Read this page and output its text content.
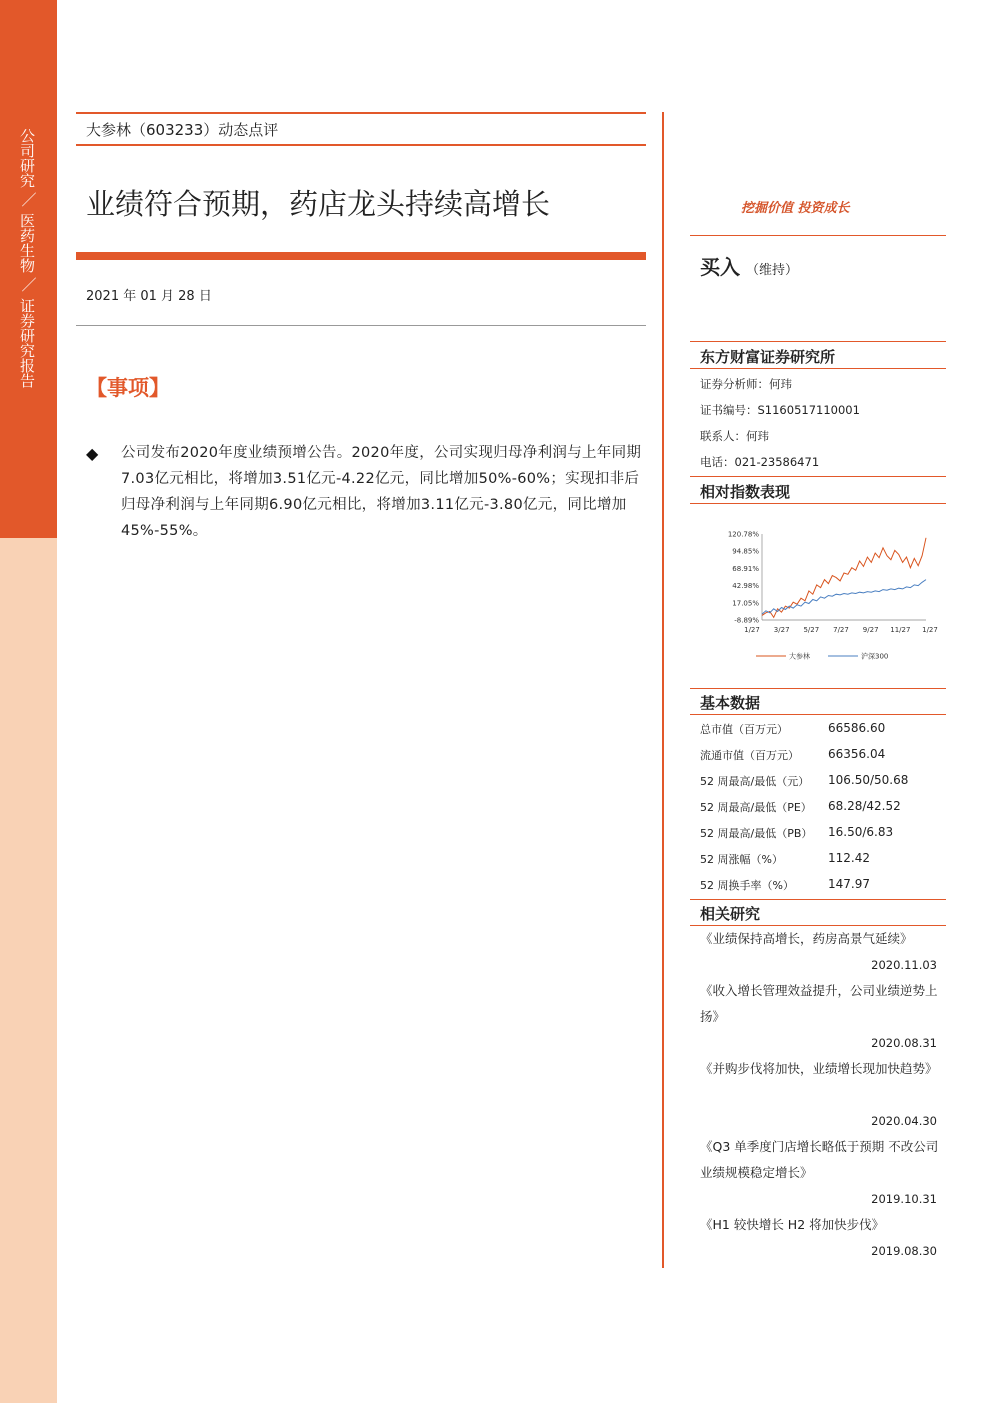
公司研究
／
医药生物
／
证券研究报告
大参林（603233）动态点评
业绩符合预期，药店龙头持续高增长
2021 年 01 月 28 日
【事项】
◆ 公司发布2020年度业绩预增公告。2020年度，公司实现归母净利润与上年同期7.03亿元相比，将增加3.51亿元-4.22亿元，同比增加50%-60%；实现扣非后归母净利润与上年同期6.90亿元相比，将增加3.11亿元-3.80亿元，同比增加45%-55%。
挖掘价值 投资成长
买入 （维持）
东方财富证券研究所
证券分析师：何玮
证书编号：S1160517110001
联系人：何玮
电话：021-23586471
相对指数表现
-8.89%
17.05%
42.98%
68.91%
94.85%
120.78%
1/27 3/27 5/27 7/27 9/27 11/27 1/27
大参林	沪深300
基本数据
总市值（百万元）	66586.60
流通市值（百万元） 66356.04
52 周最高/最低（元） 106.50/50.68
52 周最高/最低（PE） 68.28/42.52
52 周最高/最低（PB） 16.50/6.83
52 周涨幅（%）	112.42
52 周换手率（%）	147.97
相关研究
《业绩保持高增长，药房高景气延续》
2020.11.03
《收入增长管理效益提升，公司业绩逆势上扬》
2020.08.31
《并购步伐将加快，业绩增长现加快趋势》
2020.04.30
《Q3 单季度门店增长略低于预期 不改公司业绩规模稳定增长》
2019.10.31
《H1 较快增长 H2 将加快步伐》
2019.08.30
